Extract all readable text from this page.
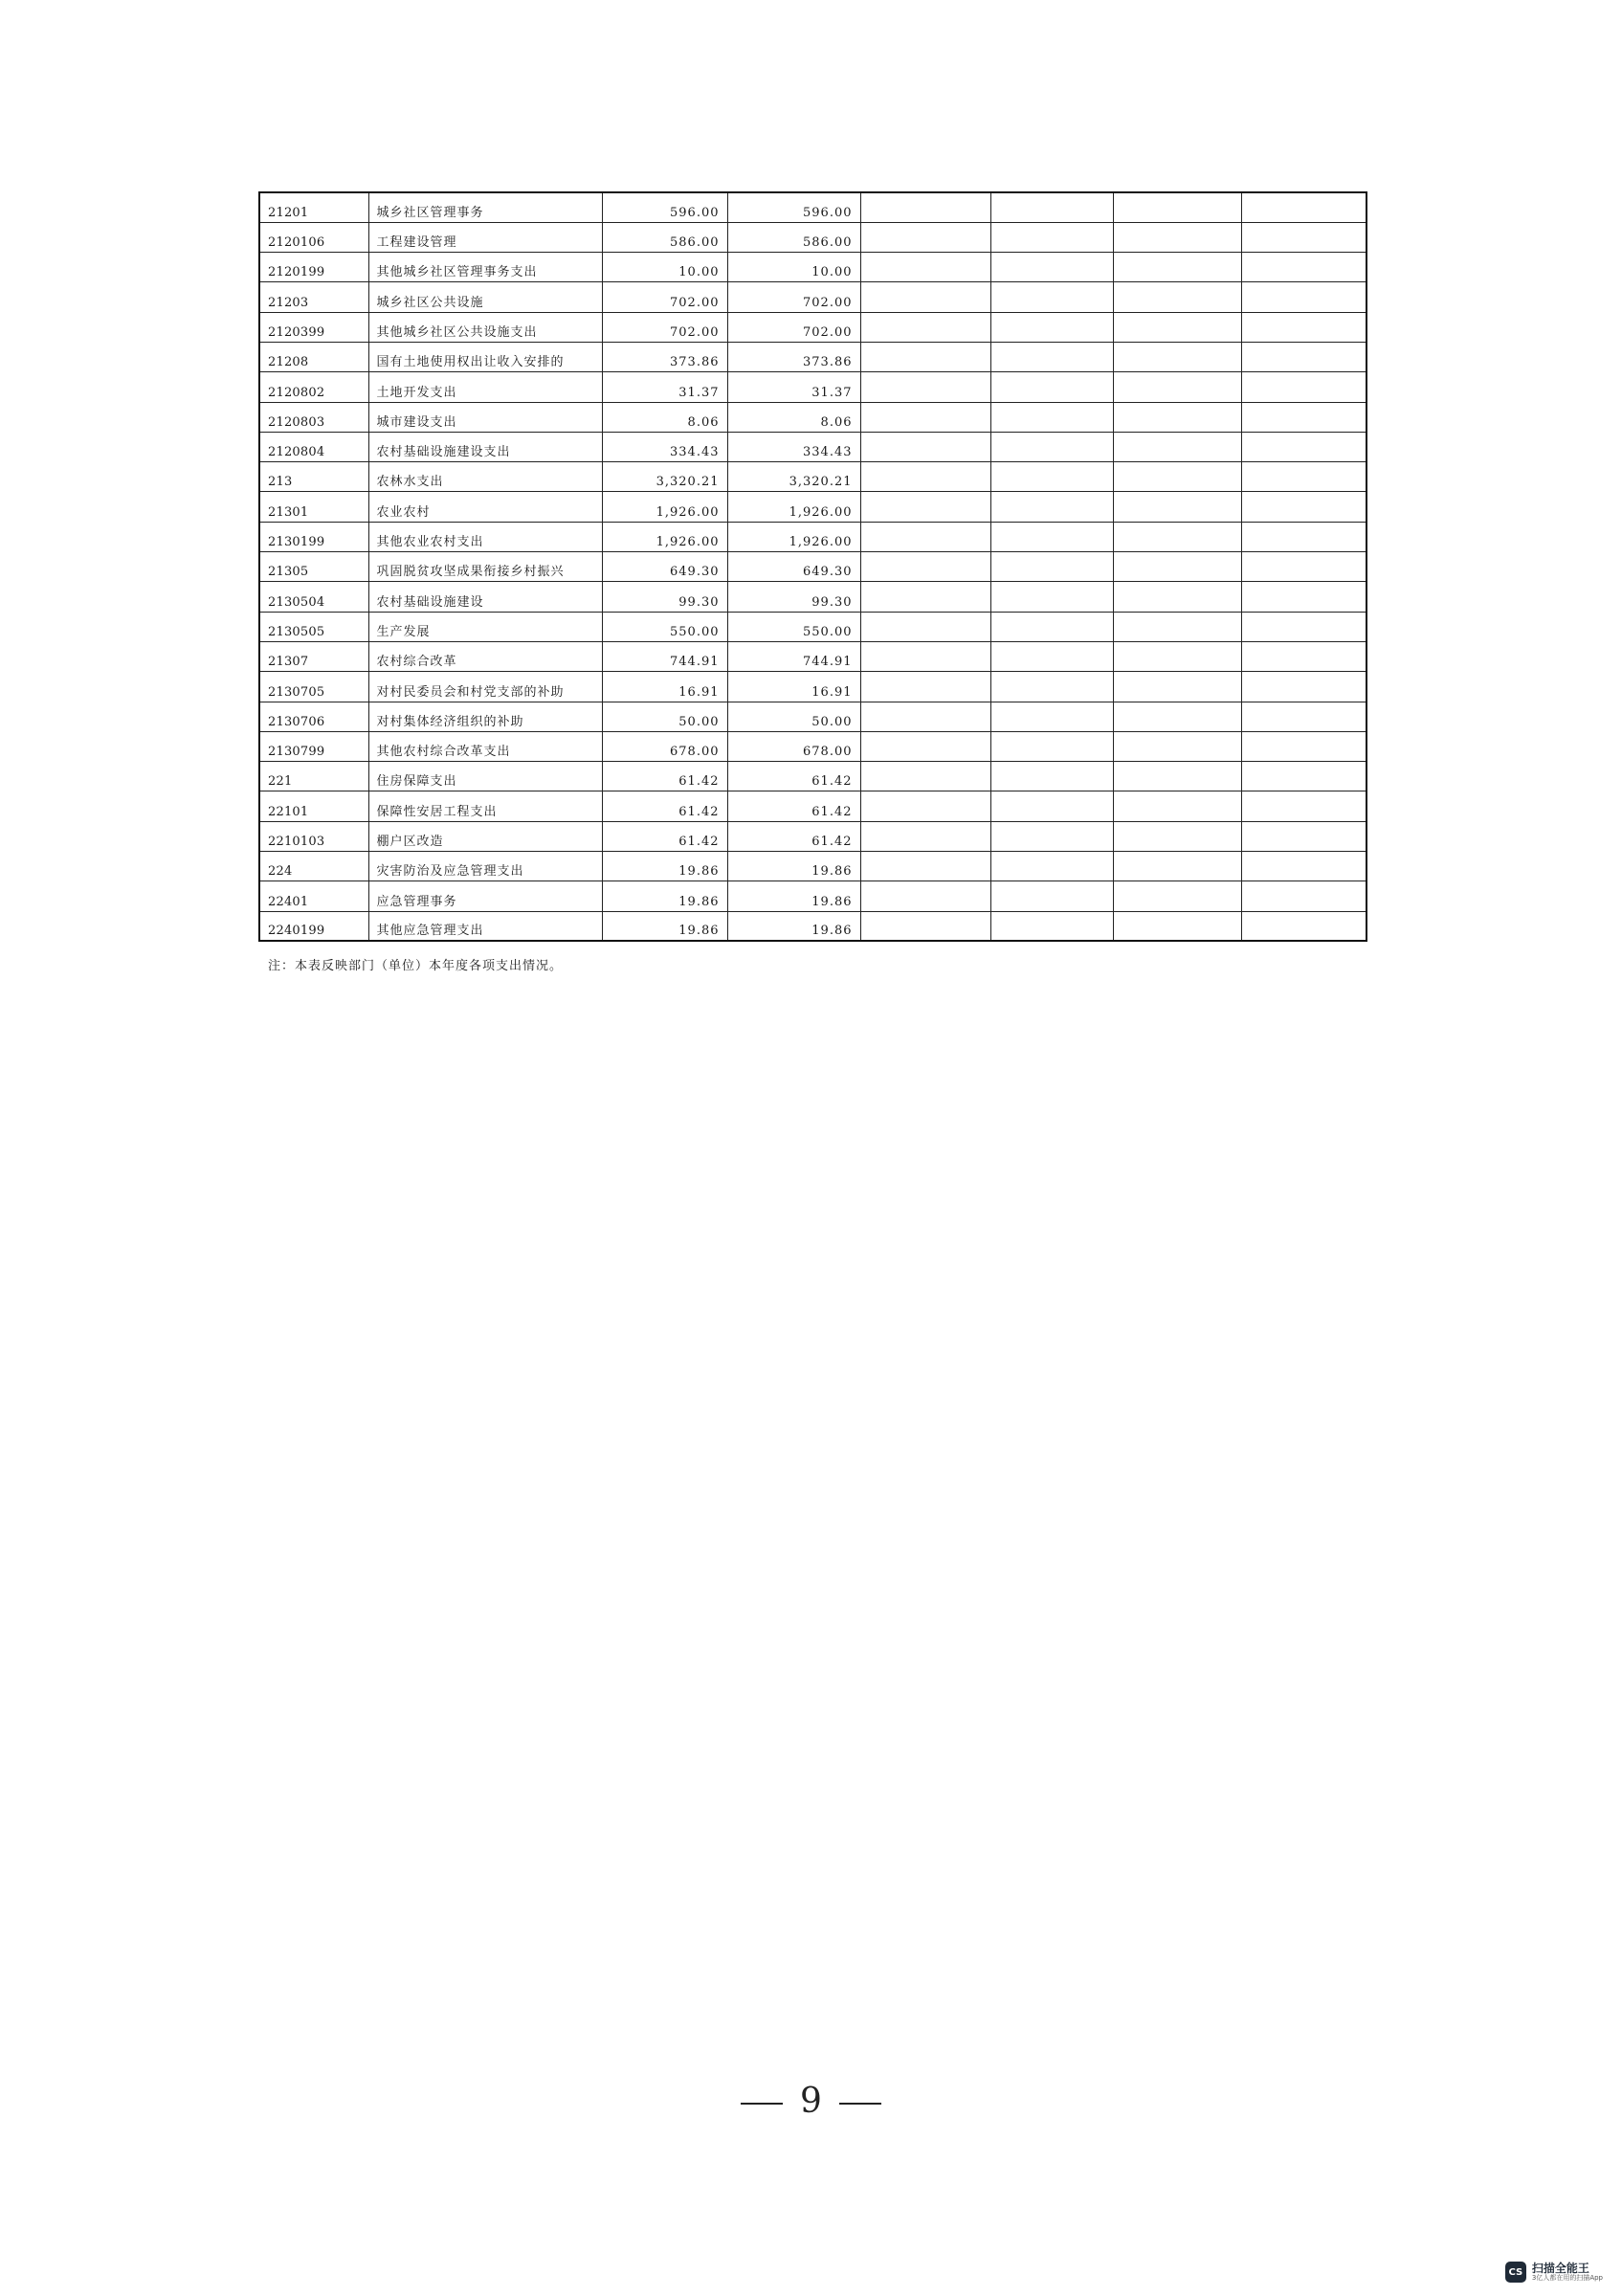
21201	城乡社区管理事务	596.00	596.00				
2120106	工程建设管理	586.00	586.00				
2120199	其他城乡社区管理事务支出	10.00	10.00				
21203	城乡社区公共设施	702.00	702.00				
2120399	其他城乡社区公共设施支出	702.00	702.00				
21208	国有土地使用权出让收入安排的	373.86	373.86				
2120802	土地开发支出	31.37	31.37				
2120803	城市建设支出	8.06	8.06				
2120804	农村基础设施建设支出	334.43	334.43				
213	农林水支出	3,320.21	3,320.21				
21301	农业农村	1,926.00	1,926.00				
2130199	其他农业农村支出	1,926.00	1,926.00				
21305	巩固脱贫攻坚成果衔接乡村振兴	649.30	649.30				
2130504	农村基础设施建设	99.30	99.30				
2130505	生产发展	550.00	550.00				
21307	农村综合改革	744.91	744.91				
2130705	对村民委员会和村党支部的补助	16.91	16.91				
2130706	对村集体经济组织的补助	50.00	50.00				
2130799	其他农村综合改革支出	678.00	678.00				
221	住房保障支出	61.42	61.42				
22101	保障性安居工程支出	61.42	61.42				
2210103	棚户区改造	61.42	61.42				
224	灾害防治及应急管理支出	19.86	19.86				
22401	应急管理事务	19.86	19.86				
2240199	其他应急管理支出	19.86	19.86				
注：本表反映部门（单位）本年度各项支出情况。
9
CS 扫描全能王
3亿人都在用的扫描App
